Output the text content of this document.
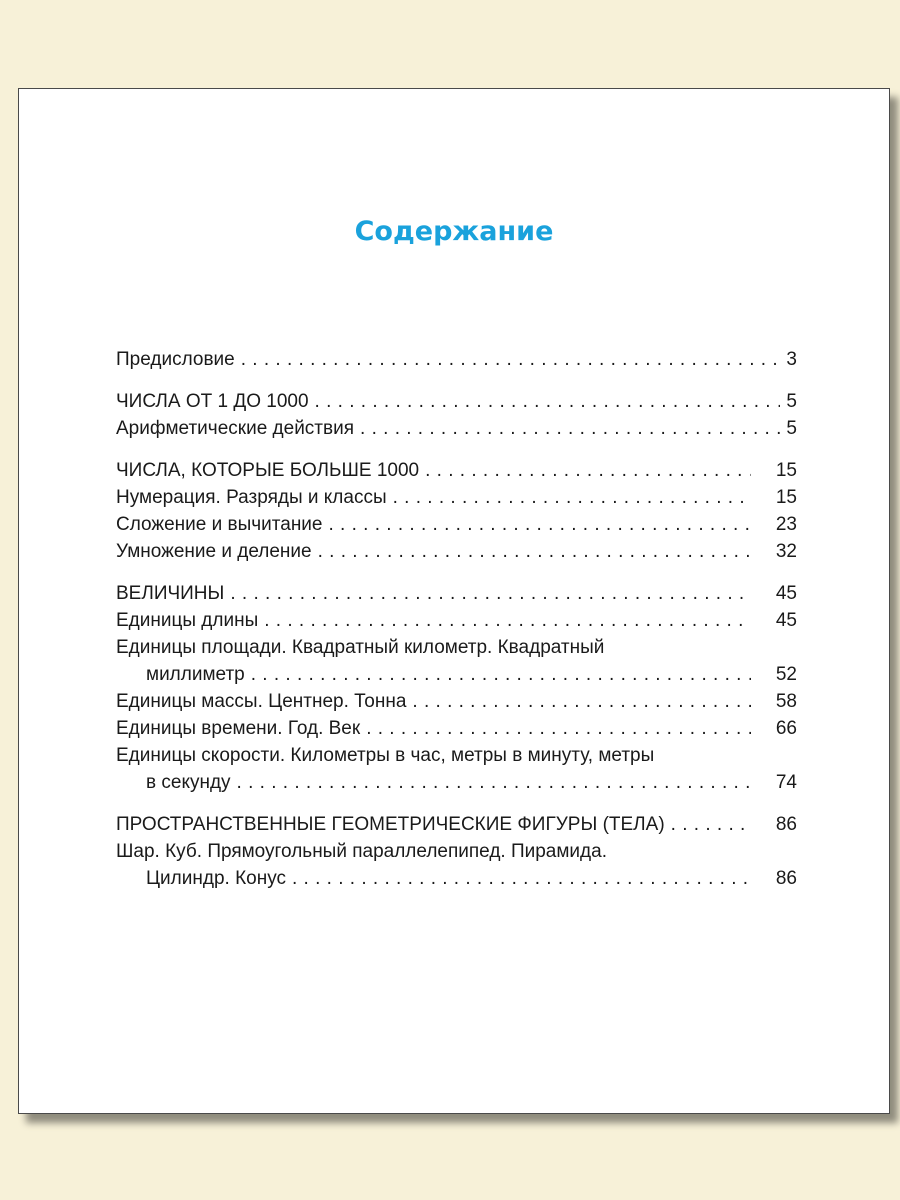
Содержание
Предисловие . . .	3
ЧИСЛА ОТ 1 ДО 1000 . . .	5
Арифметические действия . . .	5
ЧИСЛА, КОТОРЫЕ БОЛЬШЕ 1000 . . .	15
Нумерация. Разряды и классы . . .	15
Сложение и вычитание . . .	23
Умножение и деление . . .	32
ВЕЛИЧИНЫ . . .	45
Единицы длины . . .	45
Единицы площади. Квадратный километр. Квадратный
миллиметр . . .	52
Единицы массы. Центнер. Тонна . . .	58
Единицы времени. Год. Век . . .	66
Единицы скорости. Километры в час, метры в минуту, метры
в секунду . . .	74
ПРОСТРАНСТВЕННЫЕ ГЕОМЕТРИЧЕСКИЕ ФИГУРЫ (ТЕЛА) . . .	86
Шар. Куб. Прямоугольный параллелепипед. Пирамида.
Цилиндр. Конус . . .	86
